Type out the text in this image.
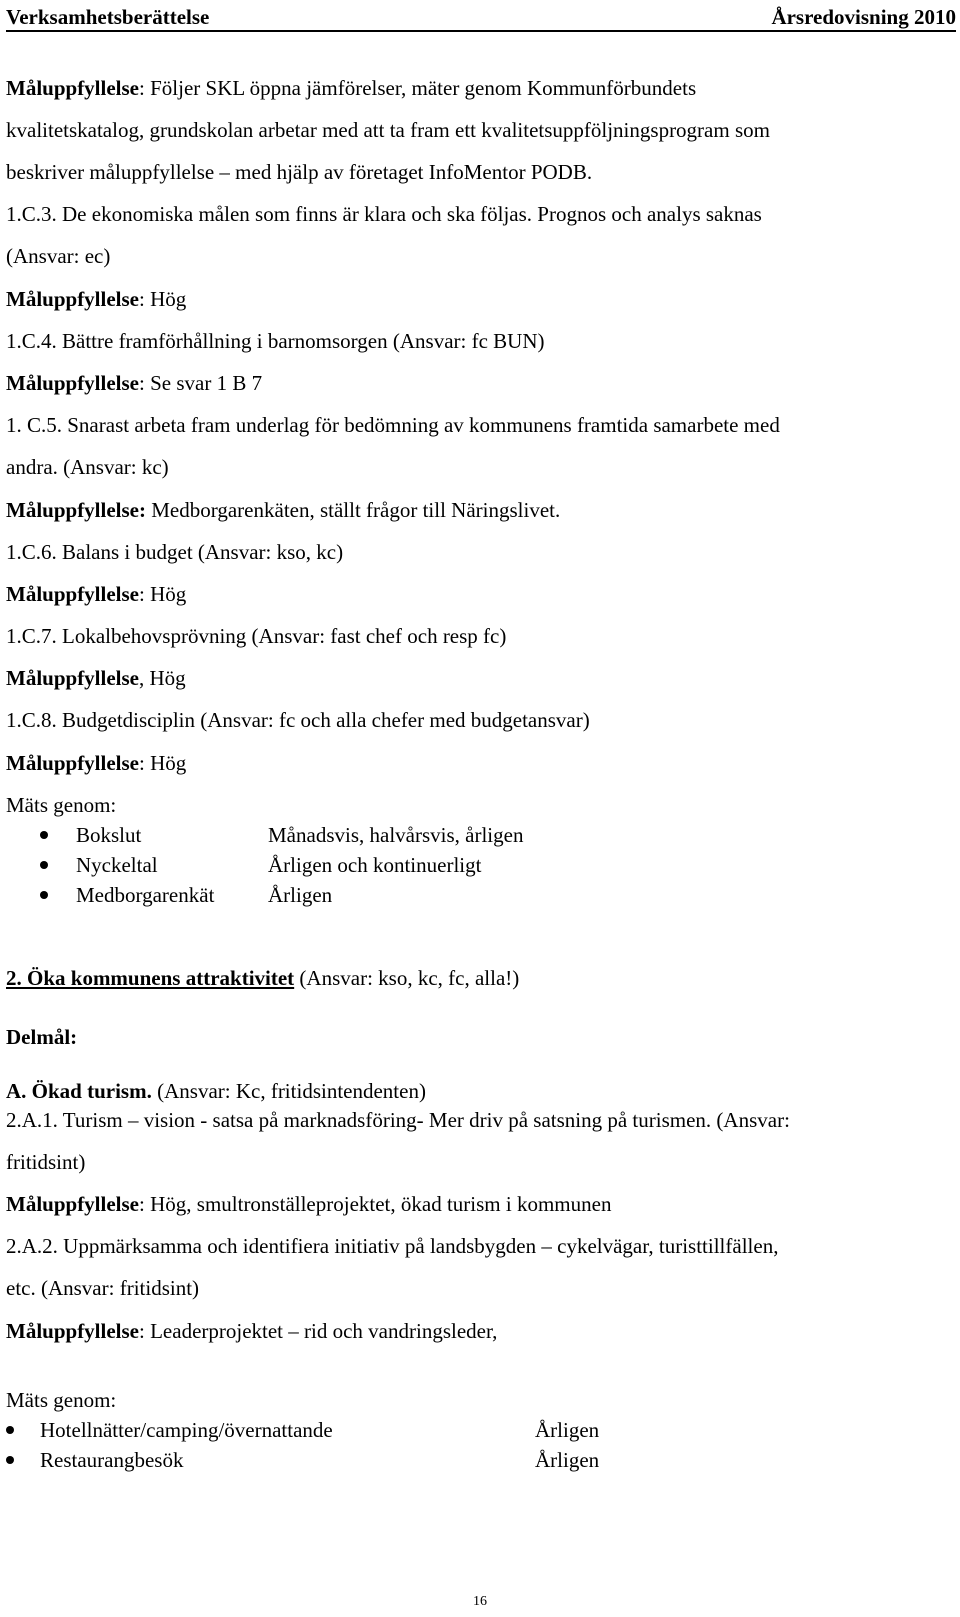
Verksamhetsberättelse	Årsredovisning 2010
Måluppfyllelse: Följer SKL öppna jämförelser, mäter genom Kommunförbundets
kvalitetskatalog, grundskolan arbetar med att ta fram ett kvalitetsuppföljningsprogram som
beskriver måluppfyllelse – med hjälp av företaget InfoMentor PODB.
1.C.3. De ekonomiska målen som finns är klara och ska följas. Prognos och analys saknas
(Ansvar: ec)
Måluppfyllelse: Hög
1.C.4. Bättre framförhållning i barnomsorgen (Ansvar: fc BUN)
Måluppfyllelse: Se svar 1 B 7
1. C.5. Snarast arbeta fram underlag för bedömning av kommunens framtida samarbete med
andra. (Ansvar: kc)
Måluppfyllelse: Medborgarenkäten, ställt frågor till Näringslivet.
1.C.6. Balans i budget (Ansvar: kso, kc)
Måluppfyllelse: Hög
1.C.7. Lokalbehovsprövning (Ansvar: fast chef och resp fc)
Måluppfyllelse, Hög
1.C.8. Budgetdisciplin (Ansvar: fc och alla chefer med budgetansvar)
Måluppfyllelse: Hög
Mäts genom:
Bokslut	Månadsvis, halvårsvis, årligen
Nyckeltal	Årligen och kontinuerligt
Medborgarenkät	Årligen
2. Öka kommunens attraktivitet (Ansvar: kso, kc, fc, alla!)
Delmål:
A. Ökad turism. (Ansvar: Kc, fritidsintendenten)
2.A.1. Turism – vision - satsa på marknadsföring- Mer driv på satsning på turismen. (Ansvar:
fritidsint)
Måluppfyllelse: Hög, smultronställeprojektet, ökad turism i kommunen
2.A.2. Uppmärksamma och identifiera initiativ på landsbygden – cykelvägar, turisttillfällen,
etc. (Ansvar: fritidsint)
Måluppfyllelse: Leaderprojektet – rid och vandringsleder,
Mäts genom:
Hotellnätter/camping/övernattande	Årligen
Restaurangbesök	Årligen
16
